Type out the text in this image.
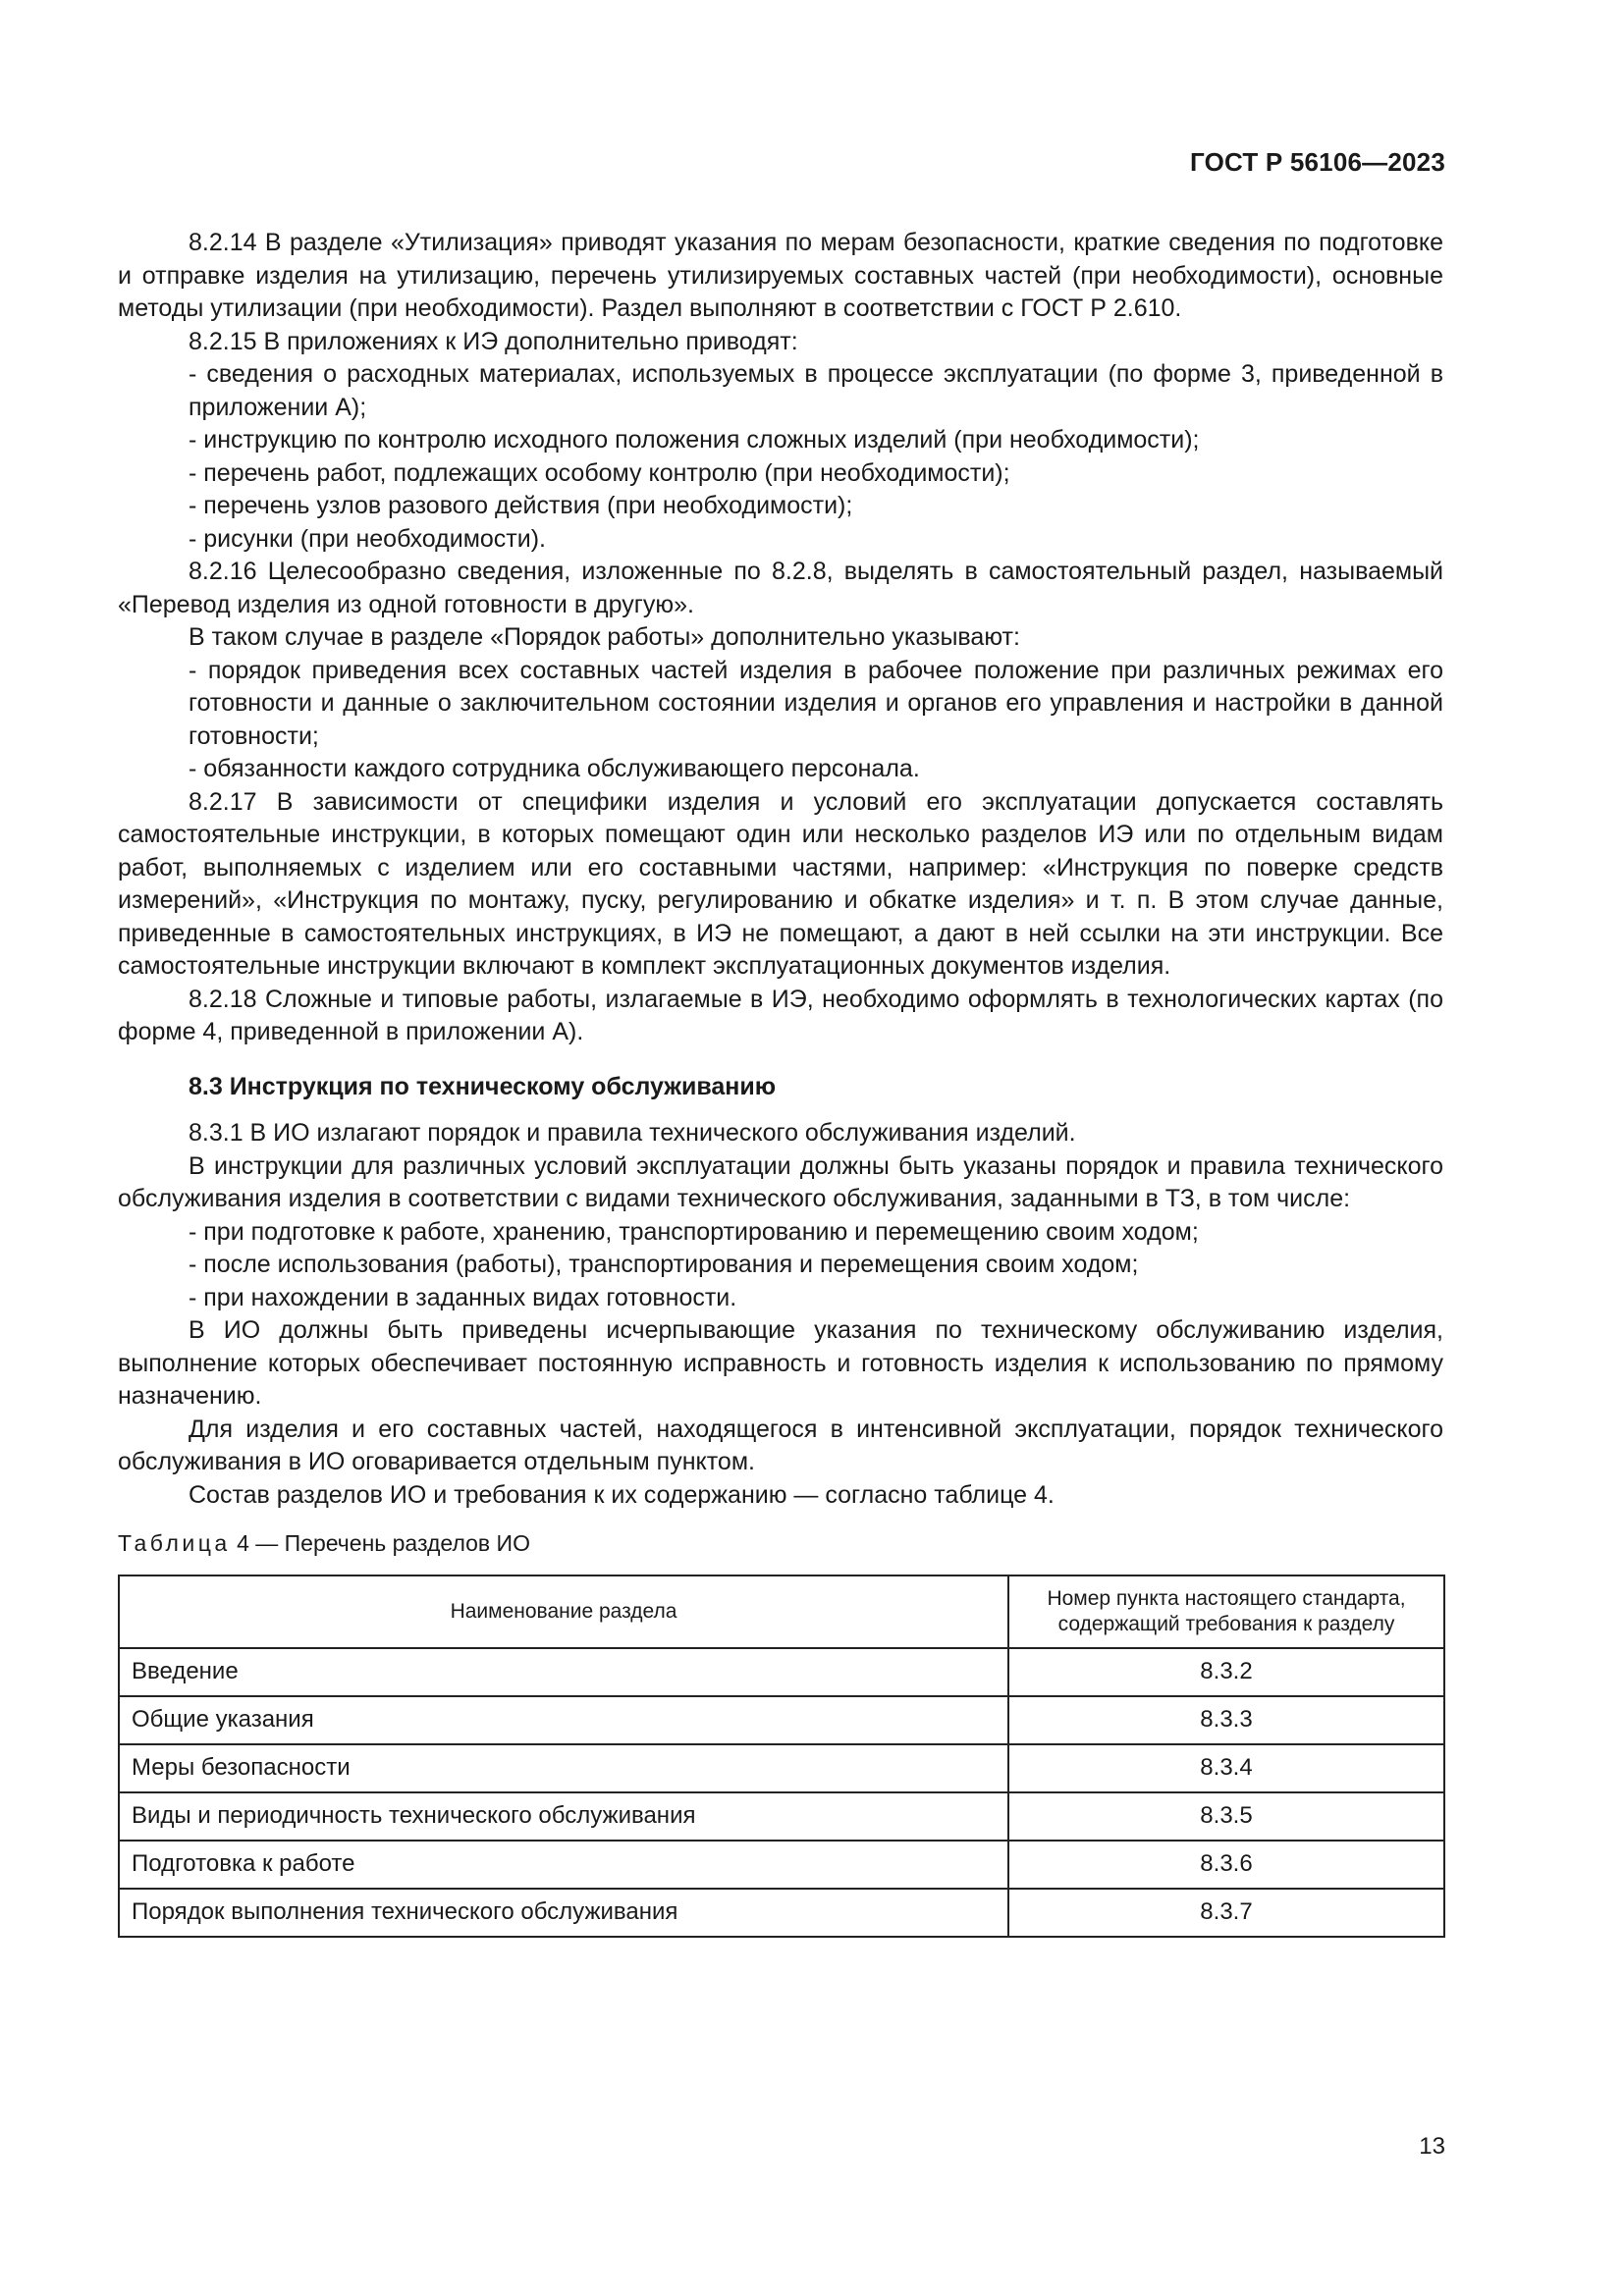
ГОСТ Р 56106—2023

8.2.14 В разделе «Утилизация» приводят указания по мерам безопасности, краткие сведения по подготовке и отправке изделия на утилизацию, перечень утилизируемых составных частей (при необходимости), основные методы утилизации (при необходимости). Раздел выполняют в соответствии с ГОСТ Р 2.610.

8.2.15 В приложениях к ИЭ дополнительно приводят:

- сведения о расходных материалах, используемых в процессе эксплуатации (по форме 3, приведенной в приложении А);

- инструкцию по контролю исходного положения сложных изделий (при необходимости);

- перечень работ, подлежащих особому контролю (при необходимости);

- перечень узлов разового действия (при необходимости);

- рисунки (при необходимости).

8.2.16 Целесообразно сведения, изложенные по 8.2.8, выделять в самостоятельный раздел, называемый «Перевод изделия из одной готовности в другую».

В таком случае в разделе «Порядок работы» дополнительно указывают:

- порядок приведения всех составных частей изделия в рабочее положение при различных режимах его готовности и данные о заключительном состоянии изделия и органов его управления и настройки в данной готовности;

- обязанности каждого сотрудника обслуживающего персонала.

8.2.17 В зависимости от специфики изделия и условий его эксплуатации допускается составлять самостоятельные инструкции, в которых помещают один или несколько разделов ИЭ или по отдельным видам работ, выполняемых с изделием или его составными частями, например: «Инструкция по поверке средств измерений», «Инструкция по монтажу, пуску, регулированию и обкатке изделия» и т. п. В этом случае данные, приведенные в самостоятельных инструкциях, в ИЭ не помещают, а дают в ней ссылки на эти инструкции. Все самостоятельные инструкции включают в комплект эксплуатационных документов изделия.

8.2.18 Сложные и типовые работы, излагаемые в ИЭ, необходимо оформлять в технологических картах (по форме 4, приведенной в приложении А).

8.3 Инструкция по техническому обслуживанию

8.3.1 В ИО излагают порядок и правила технического обслуживания изделий.

В инструкции для различных условий эксплуатации должны быть указаны порядок и правила технического обслуживания изделия в соответствии с видами технического обслуживания, заданными в ТЗ, в том числе:

- при подготовке к работе, хранению, транспортированию и перемещению своим ходом;

- после использования (работы), транспортирования и перемещения своим ходом;

- при нахождении в заданных видах готовности.

В ИО должны быть приведены исчерпывающие указания по техническому обслуживанию изделия, выполнение которых обеспечивает постоянную исправность и готовность изделия к использованию по прямому назначению.

Для изделия и его составных частей, находящегося в интенсивной эксплуатации, порядок технического обслуживания в ИО оговаривается отдельным пунктом.

Состав разделов ИО и требования к их содержанию — согласно таблице 4.

Таблица 4 — Перечень разделов ИО

Наименование раздела	Номер пункта настоящего стандарта, содержащий требования к разделу
Введение	8.3.2
Общие указания	8.3.3
Меры безопасности	8.3.4
Виды и периодичность технического обслуживания	8.3.5
Подготовка к работе	8.3.6
Порядок выполнения технического обслуживания	8.3.7
13
